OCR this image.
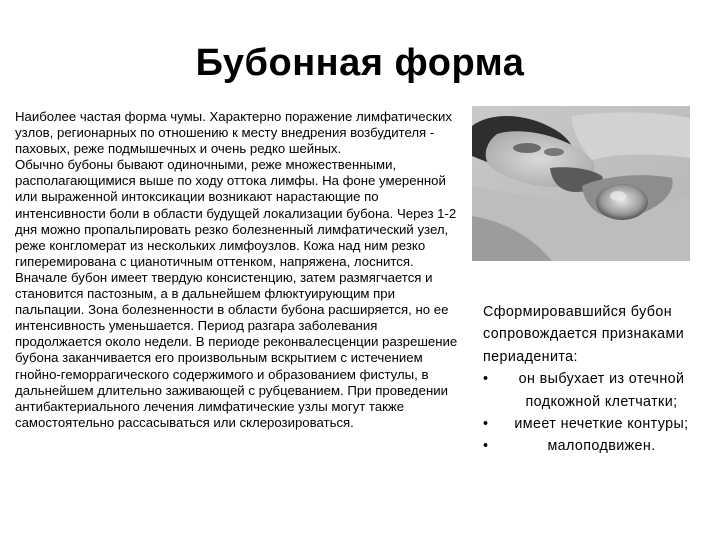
Бубонная форма

Наиболее частая форма чумы. Характерно поражение лимфатических узлов, регионарных по отношению к месту внедрения возбудителя - паховых, реже подмышечных и очень редко шейных.

Обычно бубоны бывают одиночными, реже множественными, располагающимися выше по ходу оттока лимфы. На фоне умеренной или выраженной интоксикации возникают нарастающие по интенсивности боли в области будущей локализации бубона. Через 1-2 дня можно пропальпировать резко болезненный лимфатический узел, реже конгломерат из нескольких лимфоузлов. Кожа над ним резко гиперемирована с цианотичным оттенком, напряжена, лоснится.

Вначале бубон имеет твердую консистенцию, затем размягчается и становится пастозным, а в дальнейшем флюктуирующим при пальпации. Зона болезненности в области бубона расширяется, но ее интенсивность уменьшается. Период разгара заболевания продолжается около недели. В периоде реконвалесценции разрешение бубона заканчивается его произвольным вскрытием с истечением гнойно-геморрагического содержимого и образованием фистулы, в дальнейшем длительно заживающей с рубцеванием. При проведении антибактериального лечения лимфатические узлы могут также самостоятельно рассасываться или склерозироваться.

Сформировавшийся бубон сопровождается признаками периаденита:
• он выбухает из отечной подкожной клетчатки;
• имеет нечеткие контуры;
• малоподвижен.
